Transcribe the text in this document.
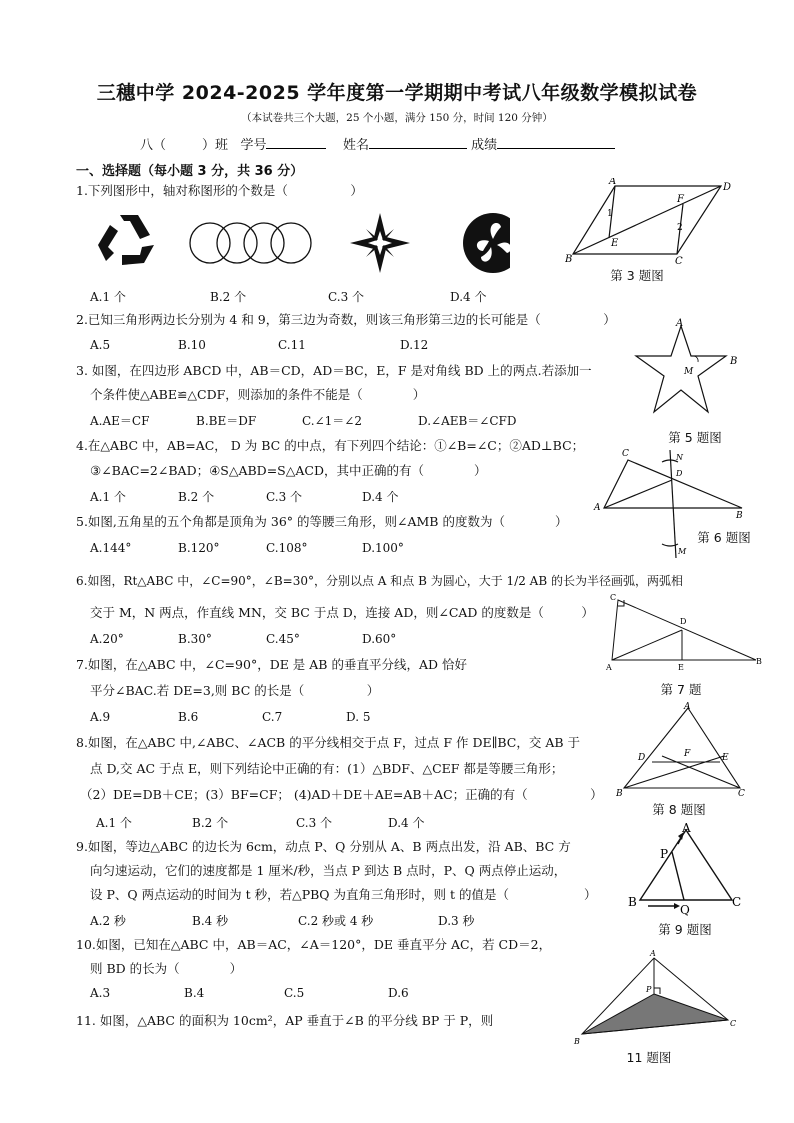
三穗中学 2024-2025 学年度第一学期期中考试八年级数学模拟试卷
（本试卷共三个大题，25 个小题，满分 150 分，时间 120 分钟）
八（	）班 学号	姓名	成绩
一、选择题（每小题 3 分，共 36 分）
1.下列图形中，轴对称图形的个数是（　　　　　）
A.1 个	B.2 个	C.3 个	D.4 个
2.已知三角形两边长分别为 4 和 9，第三边为奇数，则该三角形第三边的长可能是（　　　　　）
A.5	B.10	C.11	D.12
3. 如图，在四边形 ABCD 中，AB＝CD，AD＝BC，E，F 是对角线 BD 上的两点.若添加一
个条件使△ABE≌△CDF，则添加的条件不能是（　　　　）
A.AE＝CF	B.BE＝DF	C.∠1＝∠2	D.∠AEB＝∠CFD
4.在△ABC 中，AB=AC， D 为 BC 的中点，有下列四个结论：①∠B=∠C；②AD⊥BC；
③∠BAC=2∠BAD；④S△ABD=S△ACD，其中正确的有（　　　　）
A.1 个	B.2 个	C.3 个	D.4 个
5.如图,五角星的五个角都是顶角为 36° 的等腰三角形，则∠AMB 的度数为（　　　　）
A.144°	B.120°	C.108°	D.100°
6.如图，Rt△ABC 中，∠C=90°，∠B=30°，分别以点 A 和点 B 为圆心，大于 1/2 AB 的长为半径画弧，两弧相
交于 M，N 两点，作直线 MN，交 BC 于点 D，连接 AD，则∠CAD 的度数是（　　　）
A.20°	B.30°	C.45°	D.60°
7.如图，在△ABC 中，∠C=90°，DE 是 AB 的垂直平分线，AD 恰好
平分∠BAC.若 DE=3,则 BC 的长是（　　　　　）
A.9	B.6	C.7	D. 5
8.如图，在△ABC 中,∠ABC、∠ACB 的平分线相交于点 F，过点 F 作 DE∥BC，交 AB 于
点 D,交 AC 于点 E，则下列结论中正确的有：(1）△BDF、△CEF 都是等腰三角形；
（2）DE=DB＋CE；(3）BF=CF； (4)AD＋DE＋AE=AB＋AC；正确的有（　　　　　）
A.1 个	B.2 个	C.3 个	D.4 个
9.如图，等边△ABC 的边长为 6cm，动点 P、Q 分别从 A、B 两点出发，沿 AB、BC 方
向匀速运动，它们的速度都是 1 厘米/秒，当点 P 到达 B 点时，P、Q 两点停止运动，
设 P、Q 两点运动的时间为 t 秒，若△PBQ 为直角三角形时，则 t 的值是（　　　　　　）
A.2 秒	B.4 秒	C.2 秒或 4 秒	D.3 秒
10.如图，已知在△ABC 中，AB＝AC，∠A＝120°，DE 垂直平分 AC，若 CD＝2，
则 BD 的长为（　　　　）
A.3	B.4	C.5	D.6
11. 如图，△ABC 的面积为 10cm²，AP 垂直于∠B 的平分线 BP 于 P，则
A
D
F
1
2
B
E
C
第 3 题图
A
M
B
第 5 题图
C	N
D
A
B
M
第 6 题图
C
D
A	E
B
第 7 题
A
D	F	E
B	C
第 8 题图
A
P
B
Q
C
第 9 题图
A
P
B
C
11 题图
